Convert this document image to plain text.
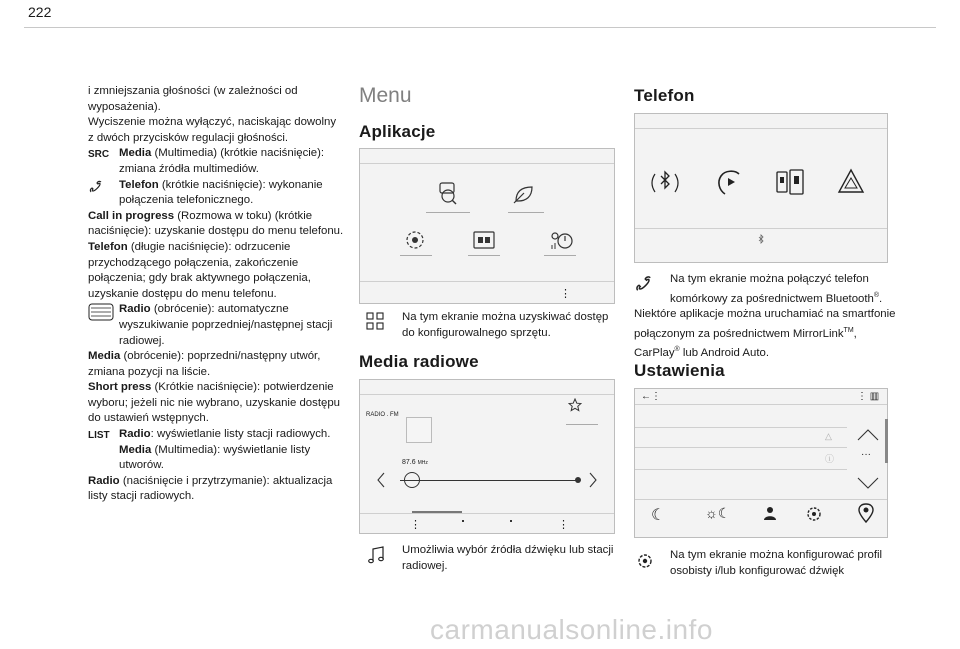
222

i zmniejszania głośności (w zależności od wyposażenia).

Wyciszenie można wyłączyć, naciskając dowolny z dwóch przycisków regulacji głośności.

SRC Media (Multimedia) (krótkie naciśnięcie): zmiana źródła multimediów.

Telefon (krótkie naciśnięcie): wykonanie połączenia telefonicznego.

Call in progress (Rozmowa w toku) (krótkie naciśnięcie): uzyskanie dostępu do menu telefonu.

Telefon (długie naciśnięcie): odrzucenie przychodzącego połączenia, zakończenie połączenia; gdy brak aktywnego połączenia, uzyskanie dostępu do menu telefonu.

Radio (obrócenie): automatyczne wyszukiwanie poprzedniej/następnej stacji radiowej.

Media (obrócenie): poprzedni/następny utwór, zmiana pozycji na liście.

Short press (Krótkie naciśnięcie): potwierdzenie wyboru; jeżeli nic nie wybrano, uzyskanie dostępu do ustawień wstępnych.

LIST Radio: wyświetlanie listy stacji radiowych.
Media (Multimedia): wyświetlanie listy utworów.

Radio (naciśnięcie i przytrzymanie): aktualizacja listy stacji radiowych.

Menu
Aplikacje
⋮
Na tym ekranie można uzyskiwać dostęp do konfigurowalnego sprzętu.
Media radiowe
RADIO . FM
87.6 MHz
⋮	⋮
Umożliwia wybór źródła dźwięku lub stacji radiowej.
Telefon
Na tym ekranie można połączyć telefon komórkowy za pośrednictwem Bluetooth®.
Niektóre aplikacje można uruchamiać na smartfonie połączonym za pośrednictwem MirrorLink™, CarPlay® lub Android Auto.
Ustawienia
←⋮	⋮ ▥
△
ⓘ	···
☾	☼☾
Na tym ekranie można konfigurować profil osobisty i/lub konfigurować dźwięk
carmanualsonline.info
